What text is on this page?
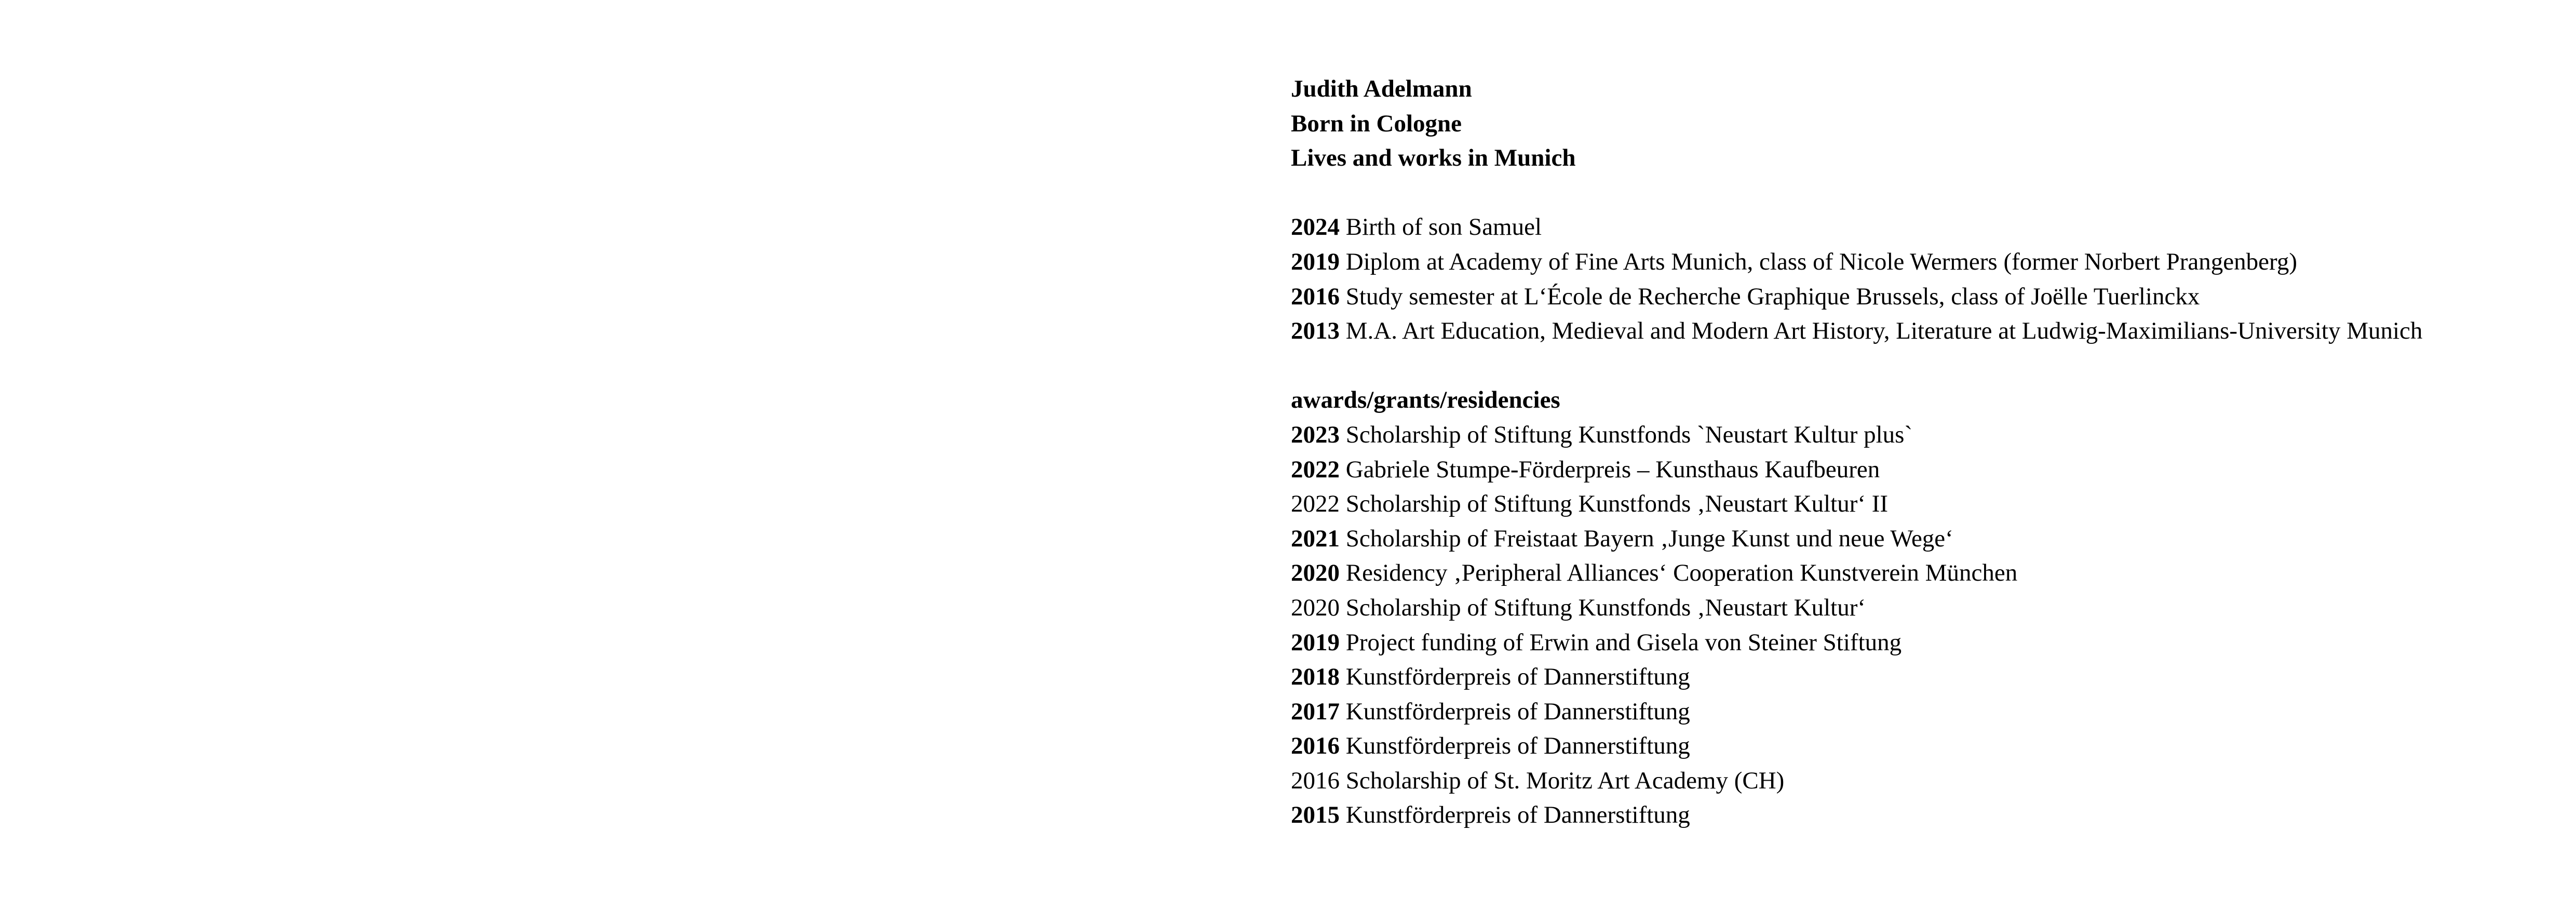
Judith Adelmann
Born in Cologne
Lives and works in Munich
2024 Birth of son Samuel
2019 Diplom at Academy of Fine Arts Munich, class of Nicole Wermers (former Norbert Prangenberg)
2016 Study semester at L‘École de Recherche Graphique Brussels, class of Joëlle Tuerlinckx
2013 M.A. Art Education, Medieval and Modern Art History, Literature at Ludwig-Maximilians-University Munich
awards/grants/residencies
2023 Scholarship of Stiftung Kunstfonds `Neustart Kultur plus`
2022 Gabriele Stumpe-Förderpreis – Kunsthaus Kaufbeuren
2022 Scholarship of Stiftung Kunstfonds ‚Neustart Kultur‘ II
2021 Scholarship of Freistaat Bayern ‚Junge Kunst und neue Wege‘
2020 Residency ‚Peripheral Alliances‘ Cooperation Kunstverein München
2020 Scholarship of Stiftung Kunstfonds ‚Neustart Kultur‘
2019 Project funding of Erwin and Gisela von Steiner Stiftung
2018 Kunstförderpreis of Dannerstiftung
2017 Kunstförderpreis of Dannerstiftung
2016 Kunstförderpreis of Dannerstiftung
2016 Scholarship of St. Moritz Art Academy (CH)
2015 Kunstförderpreis of Dannerstiftung
